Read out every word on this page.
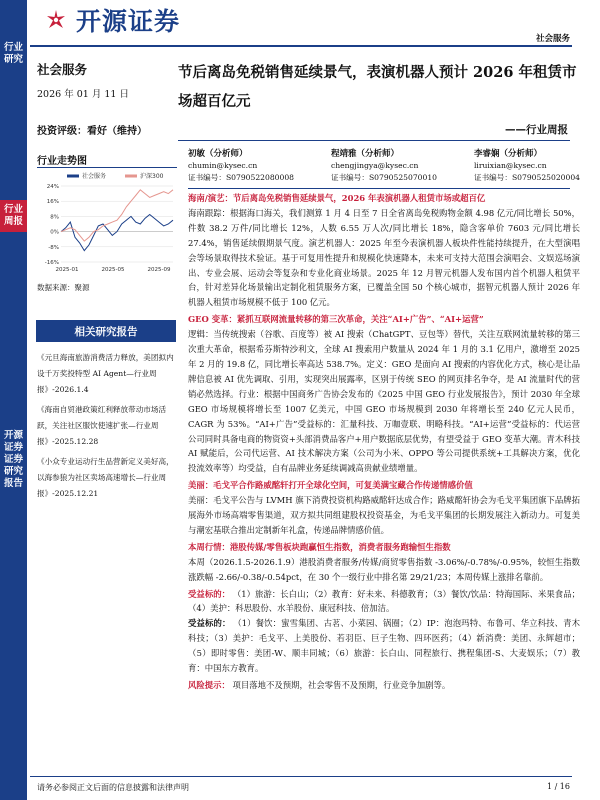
行业研究
行业周报
开源证券 证券研究报告
开源证券
社会服务
社会服务
2026 年 01 月 11 日
节后离岛免税销售延续景气，表演机器人预计 2026 年租赁市场超百亿元
投资评级：看好（维持）	——行业周报
行业走势图
-16%
-8%
0%
8%
16%
24%
2025-01	2025-05	2025-09
社会服务	沪深300
数据来源：聚源
初敏（分析师）
chumin@kysec.cn
证书编号：S0790522080008
程靖雅（分析师）
chengjingya@kysec.cn
证书编号：S0790525070010
李睿娴（分析师）
liruixian@kysec.cn
证书编号：S0790525020004
相关研究报告
《元旦海南旅游消费活力释放，美团拟内设千万奖投特型 AI Agent—行业周报》-2026.1.4
《海南自贸港政策红利释放带动市场活跃，关注社区服饮使速扩张—行业周报》-2025.12.28
《小众专业运动行生品营新定义美好高，以海参狼为社区卖场高速增长—行业周报》-2025.12.21
海南/演艺：节后离岛免税销售延续景气，2026 年表演机器人租赁市场或超百亿
海南跟踪：根据海口海关，我们测算 1 月 4 日至 7 日全省离岛免税购物金额 4.98 亿元/同比增长 50%，件数 38.2 万件/同比增长 12%，人数 6.55 万人次/同比增长 18%，隐含客单价 7603 元/同比增长 27.4%，销售延续假期景气度。演艺机器人：2025 年至今表演机器人板块件性能持续提升，在大型演唱会等场景取得技术验证。基于可复用性提升和规模化快速降本，未来可支持大范围会演唱会、文娱巡场演出、专业会展、运动会等复杂和专业化商业场景。2025 年 12 月智元机器人发布国内首个机器人租赁平台，针对差异化场景输出定制化租赁服务方案，已覆盖全国 50 个核心城市，据智元机器人预计 2026 年机器人租赁市场规模不低于 100 亿元。
GEO 变革：紧抓互联网流量转移的第三次革命，关注“AI+广告”、“AI+运营”
逻辑：当传统搜索（谷歌、百度等）被 AI 搜索（ChatGPT、豆包等）替代，关注互联网流量转移的第三次重大革命，根据希芬斯特沙利文，全球 AI 搜索用户数量从 2024 年 1 月的 3.1 亿用户，激增至 2025 年 2 月的 19.8 亿，同比增长率高达 538.7%。定义：GEO 是面向 AI 搜索的内容优化方式，核心是让品牌信息被 AI 优先调取、引用，实现突出展露率，区别于传统 SEO 的网页排名争夺，是 AI 流量时代的营销必然选择。行业：根据中国商务广告协会发布的《2025 中国 GEO 行业发展报告》，预计 2030 年全球 GEO 市场规模将增长至 1007 亿美元，中国 GEO 市场规模到 2030 年将增长至 240 亿元人民币，CAGR 为 53%。“AI+广告”受益标的：汇量科技、万咖壹联、明略科技。“AI+运营”受益标的：代运营公司同时具备电商的物资资+头部消费品客户+用户数据底层优势，有望受益于 GEO 变革大潮。青木科技 AI 赋能后，公司代运营、AI 技术解决方案（公司为小米、OPPO 等公司提供系统+工具解决方案，优化投流效率等）均受益，自有品牌业务延续调减高贵献业绩增量。
美丽：毛戈平合作路威酩轩打开全球化空间，可复美满宝藏合作传递情感价值
美丽：毛戈平公告与 LVMH 旗下消费投资机构路威酩轩达成合作；路威酩轩协会为毛戈平集团旗下品牌拓展海外市场高端零售渠道，双方拟共同组建股权投资基金，为毛戈平集团的长期发展注入新动力。可复美与潮宏基联合推出定制新年礼盒，传递品牌情感价值。
本周行情：港股传媒/零售板块跑赢恒生指数，消费者服务跑输恒生指数
本周（2026.1.5-2026.1.9）港股消费者服务/传媒/商贸零售指数 -3.06%/-0.78%/-0.95%，较恒生指数涨跌幅 -2.66/-0.38/-0.54pct，在 30 个一级行业中排名第 29/21/23；本周传媒上涨排名靠前。
受益标的： （1）旅游：长白山；（2）教育：好未来、科德教育；（3）餐饮/饮品：特海国际、米果食品；（4）美护：科思股份、水羊股份、康冠科技、倍加洁。
受益标的： （1）餐饮：蜜雪集团、古茗、小菜园、锅圈；（2）IP：泡泡玛特、布鲁可、华立科技、青木科技；（3）美护：毛戈平、上美股份、若羽臣、巨子生物、四环医药；（4）新消费：美团、永辉超市；（5）即时零售：美团-W、顺丰同城；（6）旅游：长白山、同程旅行、携程集团-S、大麦娱乐；（7）教育：中国东方教育。
风险提示： 项目落地不及预期，社会零售不及预期，行业竞争加剧等。
请务必参阅正文后面的信息披露和法律声明	1 / 16
